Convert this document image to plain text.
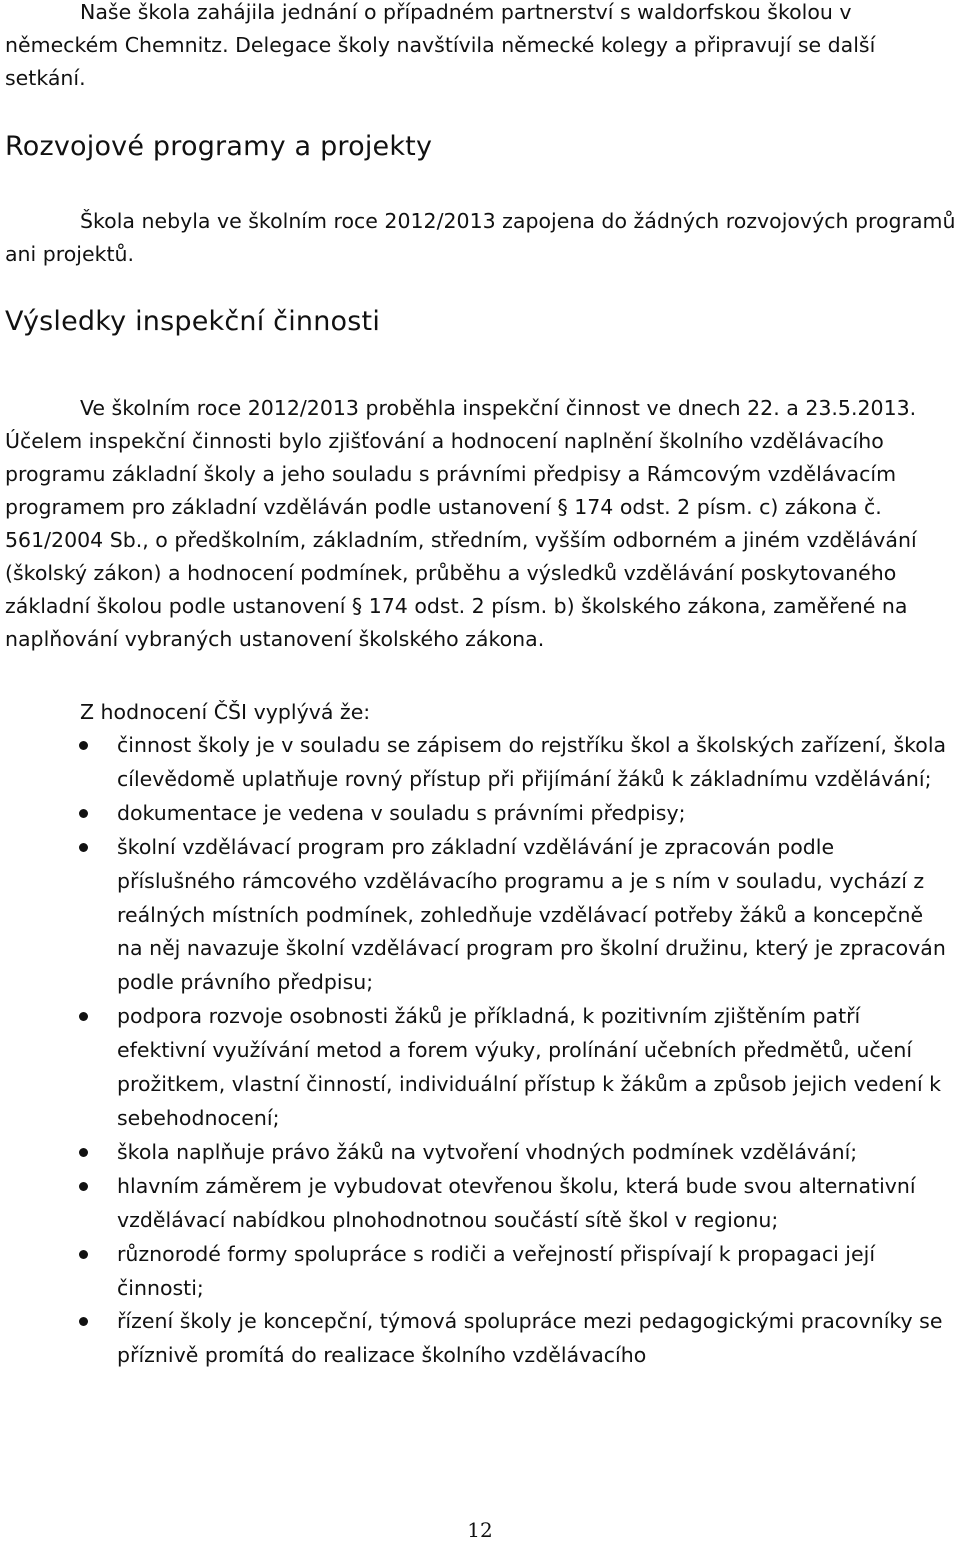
Naše škola zahájila jednání o případném partnerství s waldorfskou školou v německém Chemnitz. Delegace školy navštívila německé kolegy a připravují se další setkání.

Rozvojové programy a projekty

Škola nebyla ve školním roce 2012/2013 zapojena do žádných rozvojových programů ani projektů.

Výsledky inspekční činnosti

Ve školním roce 2012/2013 proběhla inspekční činnost ve dnech 22. a 23.5.2013. Účelem inspekční činnosti bylo zjišťování a hodnocení naplnění školního vzdělávacího programu základní školy a jeho souladu s právními předpisy a Rámcovým vzdělávacím programem pro základní vzděláván podle ustanovení § 174 odst. 2 písm. c) zákona č. 561/2004 Sb., o předškolním, základním, středním, vyšším odborném a jiném vzdělávání (školský zákon) a hodnocení podmínek, průběhu a výsledků vzdělávání poskytovaného základní školou podle ustanovení § 174 odst. 2 písm. b) školského zákona, zaměřené na naplňování vybraných ustanovení školského zákona.

Z hodnocení ČŠI vyplývá že:

činnost školy je v souladu se zápisem do rejstříku škol a školských zařízení, škola cílevědomě uplatňuje rovný přístup při přijímání žáků k základnímu vzdělávání;
dokumentace je vedena v souladu s právními předpisy;
školní vzdělávací program pro základní vzdělávání je zpracován podle příslušného rámcového vzdělávacího programu a je s ním v souladu, vychází z reálných místních podmínek, zohledňuje vzdělávací potřeby žáků a koncepčně na něj navazuje školní vzdělávací program pro školní družinu, který je zpracován podle právního předpisu;
podpora rozvoje osobnosti žáků je příkladná, k pozitivním zjištěním patří efektivní využívání metod a forem výuky, prolínání učebních předmětů, učení prožitkem, vlastní činností, individuální přístup k žákům a způsob jejich vedení k sebehodnocení;
škola naplňuje právo žáků na vytvoření vhodných podmínek vzdělávání;
hlavním záměrem je vybudovat otevřenou školu, která bude svou alternativní vzdělávací nabídkou plnohodnotnou součástí sítě škol v regionu;
různorodé formy spolupráce s rodiči a veřejností přispívají k propagaci její činnosti;
řízení školy je koncepční, týmová spolupráce mezi pedagogickými pracovníky se příznivě promítá do realizace školního vzdělávacího
12
